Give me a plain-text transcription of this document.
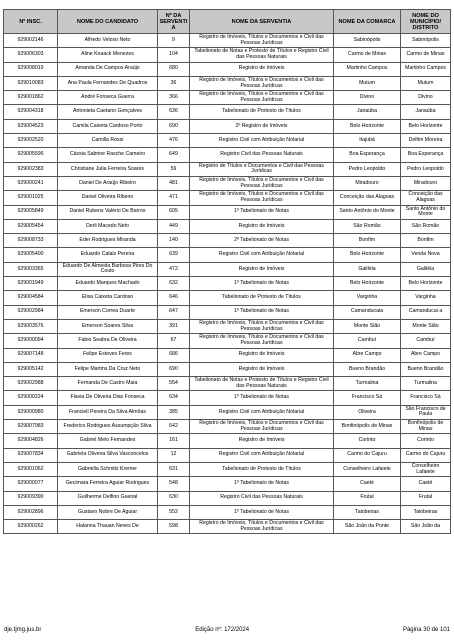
Nº INSC.	NOME DO CANDIDATO	Nº DA SERVENTIA	NOME DA SERVENTIA	NOME DA COMARCA	NOME DO MUNICÍPIO/ DISTRITO
929002146	Alfredo Veloso Neto	9	Registro de Imóveis, Títulos e Documentos e Civil das Pessoas Jurídicas	Sabinópolis	Sabinópolis
929006303	Aline Knaack Menezes	104	Tabelionato de Notas e Protesto de Títulos e Registro Civil das Pessoas Naturais	Carmo de Minas	Carmo de Minas
929008019	Amanda De Campos Araújo	680	Registro de Imóveis	Martinho Campos	Martinho Campos
929010083	Ana Paula Fernandes De Quadros	36	Registro de Imóveis, Títulos e Documentos e Civil das Pessoas Jurídicas	Mutum	Mutum
929001862	André Fonseca Guerra	366	Registro de Imóveis, Títulos e Documentos e Civil das Pessoas Jurídicas	Divino	Divino
929004318	Antonieta Caetano Gonçalves	636	Tabelionato de Protesto de Títulos	Janaúba	Janaúba
929004523	Camila Caixeta Cardoso Porto	690	2º Registro de Imóveis	Belo Horizonte	Belo Horizonte
929002520	Camilla Rossi	476	Registro Civil com Atribuição Notarial	Itajubá	Delfim Moreira
929005596	Cássia Sabrine Rasche Cameiro	649	Registro Civil das Pessoas Naturais	Boa Esperança	Boa Esperança
929002383	Christiane Julia Ferreira Soares	59	Registro de Títulos e Documentos e Civil das Pessoas Jurídicas	Pedro Leopoldo	Pedro Leopoldo
929000241	Daniel De Araújo Ribeiro	481	Registro de Imóveis, Títulos e Documentos e Civil das Pessoas Jurídicas	Miradouro	Miradouro
929001025	Daniel Oliveira Ribeiro	471	Registro de Imóveis, Títulos e Documentos e Civil das Pessoas Jurídicas	Conceição das Alagoas	Conceição das Alagoas
929005849	Daniel Rubens Valério De Barros	605	1º Tabelionato de Notas	Santo Antônio do Monte	Santo Antônio do Monte
929005454	Derli Macedo Neto	449	Registro de Imóveis	São Romão	São Romão
929008733	Eder Rodrigues Miranda	140	2º Tabelionato de Notas	Bonfim	Bonfim
929005400	Eduardo Calais Pereira	639	Registro Civil com Atribuição Notarial	Belo Horizonte	Venda Nova
929003365	Eduardo De Almeida Barbosa Pires Do Couto	472	Registro de Imóveis	Galiléia	Galiléia
929001949	Eduardo Marques Machado	632	1º Tabelionato de Notas	Belo Horizonte	Belo Horizonte
929004584	Elisa Caixeta Cardoso	646	Tabelionato de Protesto de Títulos	Varginha	Varginha
929002984	Emerson Correa Duarte	647	1º Tabelionato de Notas	Camanducaia	Camanducai a
929003576	Emerson Soares Silva	391	Registro de Imóveis, Títulos e Documentos e Civil das Pessoas Jurídicas	Monte Sião	Monte Sião
929000094	Fabio Seabra De Oliveira	67	Registro de Imóveis, Títulos e Documentos e Civil das Pessoas Jurídicas	Cambuí	Cambuí
929007148	Felipe Esteves Feres	686	Registro de Imóveis	Abre Campo	Abre Campo
929005142	Felipe Martins Da Cruz Neto	690	Registro de Imóveis	Bueno Brandão	Bueno Brandão
929002988	Fernanda De Castro Maia	554	Tabelionato de Notas e Protesto de Títulos e Registro Civil das Pessoas Naturais	Turmalina	Turmalina
929000224	Flavia De Oliveira Dias Fonseca	634	1º Tabelionato de Notas	Francisco Sá	Francisco Sá
929000980	Franciell Pereira Da Silva Almôas	385	Registro Civil com Atribuição Notarial	Oliveira	São Francisco de Paula
929007983	Frederico Rodrigues Assumpção Silva	642	Registro de Imóveis, Títulos e Documentos e Civil das Pessoas Jurídicas	Bonfinópolis de Minas	Bonfinópolis de Minas
929004826	Gabriel Melo Fernandes	161	Registro de Imóveis	Corinto	Corinto
929007834	Gabriela Oliveira Silva Vasconcelos	12	Registro Civil com Atribuição Notarial	Carmo do Cajuru	Carmo do Cajuru
929001062	Gabriella Schmitz Kremer	631	Tabelionato de Protesto de Títulos	Conselheiro Lafaiete	Conselheiro Lafaiete
929000077	Gecimara Ferreira Aguiar Rodrigues	548	1º Tabelionato de Notas	Caeté	Caeté
929009390	Guilherme Delfino Gueiral	630	Registro Civil das Pessoas Naturais	Frutal	Frutal
929002896	Gustavo Nobre De Aguiar	552	1º Tabelionato de Notas	Taiobeiras	Taiobeiras
929000262	Halanna Thauan Neves De	598	Registro de Imóveis, Títulos e Documentos e Civil das Pessoas Jurídicas	São João da Ponte	São João da
dje.tjmg.jus.br	Edição nº: 172/2024	Página 30 de 101
